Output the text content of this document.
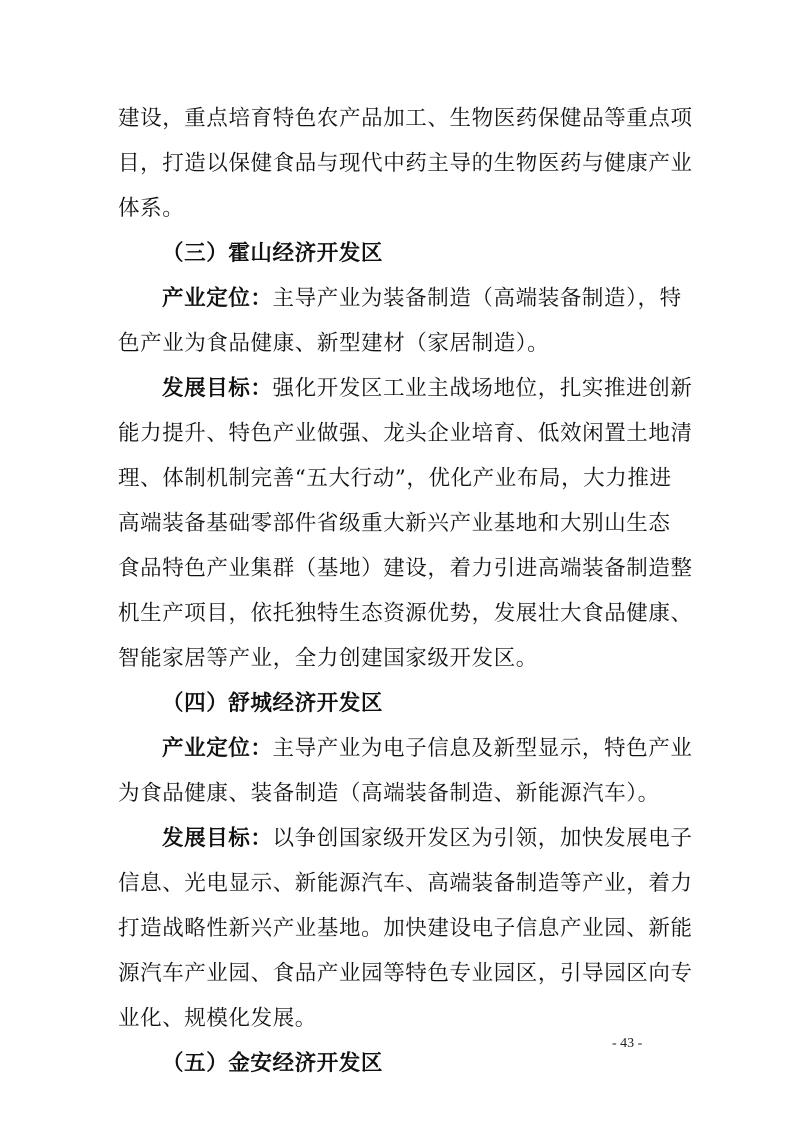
建设，重点培育特色农产品加工、生物医药保健品等重点项
目，打造以保健食品与现代中药主导的生物医药与健康产业
体系。
（三）霍山经济开发区
产业定位：主导产业为装备制造（高端装备制造），特
色产业为食品健康、新型建材（家居制造）。
发展目标：强化开发区工业主战场地位，扎实推进创新
能力提升、特色产业做强、龙头企业培育、低效闲置土地清
理、体制机制完善“五大行动”，优化产业布局，大力推进
高端装备基础零部件省级重大新兴产业基地和大别山生态
食品特色产业集群（基地）建设，着力引进高端装备制造整
机生产项目，依托独特生态资源优势，发展壮大食品健康、
智能家居等产业，全力创建国家级开发区。
（四）舒城经济开发区
产业定位：主导产业为电子信息及新型显示，特色产业
为食品健康、装备制造（高端装备制造、新能源汽车）。
发展目标：以争创国家级开发区为引领，加快发展电子
信息、光电显示、新能源汽车、高端装备制造等产业，着力
打造战略性新兴产业基地。加快建设电子信息产业园、新能
源汽车产业园、食品产业园等特色专业园区，引导园区向专
业化、规模化发展。
（五）金安经济开发区
- 43 -
